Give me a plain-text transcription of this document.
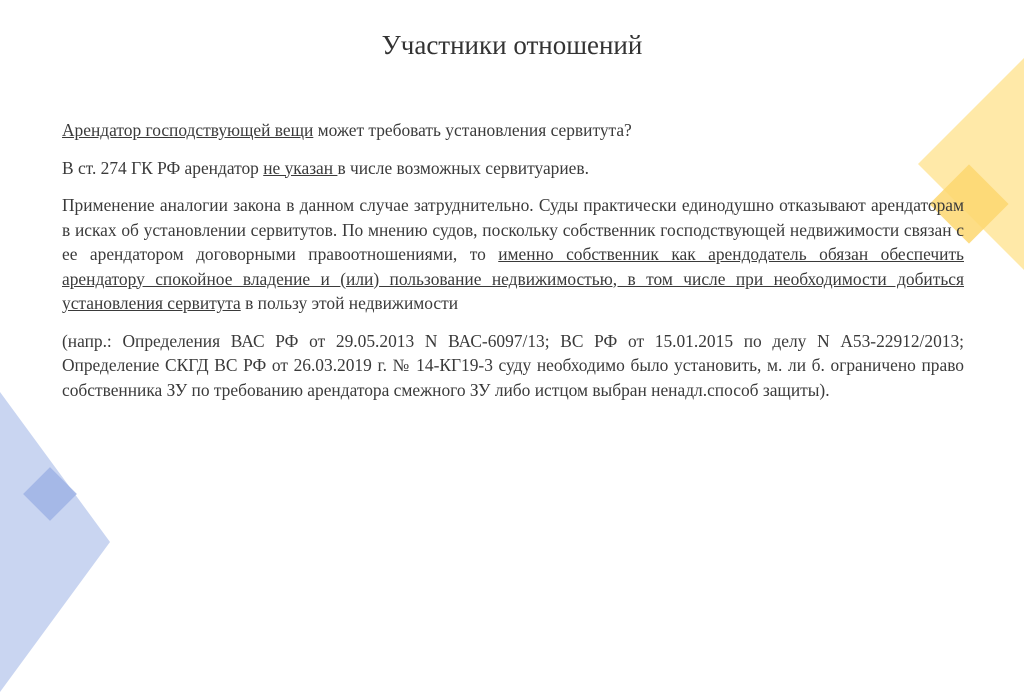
Участники отношений

Арендатор господствующей вещи может требовать установления сервитута?

В ст. 274 ГК РФ арендатор не указан в числе возможных сервитуариев.

Применение аналогии закона в данном случае затруднительно. Суды практически единодушно отказывают арендаторам в исках об установлении сервитутов. По мнению судов, поскольку собственник господствующей недвижимости связан с ее арендатором договорными правоотношениями, то именно собственник как арендодатель обязан обеспечить арендатору спокойное владение и (или) пользование недвижимостью, в том числе при необходимости добиться установления сервитута в пользу этой недвижимости

(напр.: Определения ВАС РФ от 29.05.2013 N ВАС-6097/13; ВС РФ от 15.01.2015 по делу N А53-22912/2013; Определение СКГД ВС РФ от 26.03.2019 г. № 14-КГ19-3 суду необходимо было установить, м. ли б. ограничено право собственника ЗУ по требованию арендатора смежного ЗУ либо истцом выбран ненадл.способ защиты).
